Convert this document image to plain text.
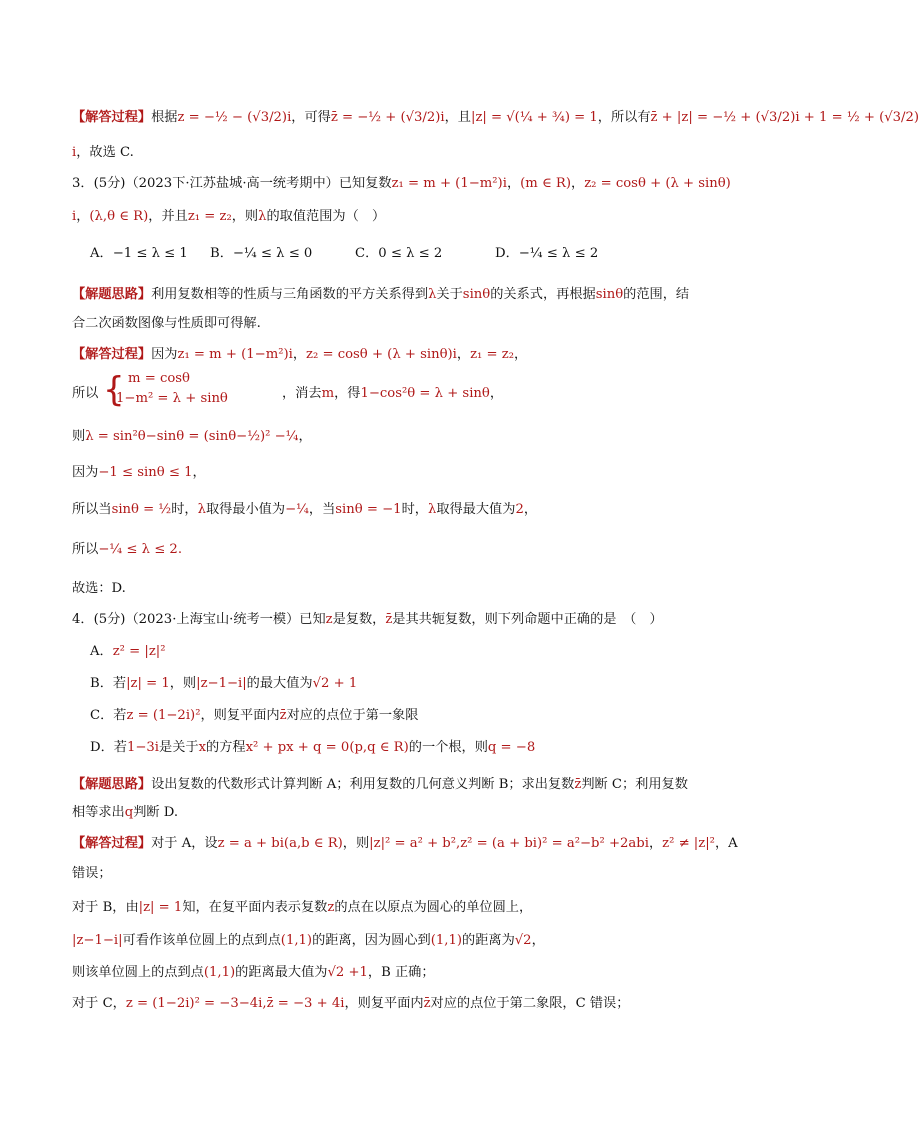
【解答过程】根据z = −½ − (√3/2)i，可得z̄ = −½ + (√3/2)i，且|z| = √(¼ + ¾) = 1，所以有z̄ + |z| = −½ + (√3/2)i + 1 = ½ + (√3/2)
i，故选 C.
3．(5分)（2023下·江苏盐城·高一统考期中）已知复数z₁ = m + (1−m²)i，(m ∈ R)，z₂ = cosθ + (λ + sinθ)
i，(λ,θ ∈ R)，并且z₁ = z₂，则λ的取值范围为（　）
A．−1 ≤ λ ≤ 1 B．−¼ ≤ λ ≤ 0	C．0 ≤ λ ≤ 2	D．−¼ ≤ λ ≤ 2
【解题思路】利用复数相等的性质与三角函数的平方关系得到λ关于sinθ的关系式，再根据sinθ的范围，结
合二次函数图像与性质即可得解.
【解答过程】因为z₁ = m + (1−m²)i，z₂ = cosθ + (λ + sinθ)i，z₁ = z₂，
所以 { m = cosθ
1−m² = λ + sinθ	，消去m，得1−cos²θ = λ + sinθ，
则λ = sin²θ−sinθ = (sinθ−½)² −¼，
因为−1 ≤ sinθ ≤ 1，
所以当sinθ = ½时，λ取得最小值为−¼，当sinθ = −1时，λ取得最大值为2，
所以−¼ ≤ λ ≤ 2.
故选：D.
4．(5分)（2023·上海宝山·统考一模）已知z是复数，z̄是其共轭复数，则下列命题中正确的是　（　）
A．z² = |z|²
B．若|z| = 1，则|z−1−i|的最大值为√2 + 1
C．若z = (1−2i)²，则复平面内z̄对应的点位于第一象限
D．若1−3i是关于x的方程x² + px + q = 0(p,q ∈ R)的一个根，则q = −8
【解题思路】设出复数的代数形式计算判断 A；利用复数的几何意义判断 B；求出复数z̄判断 C；利用复数
相等求出q判断 D.
【解答过程】对于 A，设z = a + bi(a,b ∈ R)，则|z|² = a² + b²,z² = (a + bi)² = a²−b² +2abi，z² ≠ |z|²，A
错误；
对于 B，由|z| = 1知，在复平面内表示复数z的点在以原点为圆心的单位圆上，
|z−1−i|可看作该单位圆上的点到点(1,1)的距离，因为圆心到(1,1)的距离为√2，
则该单位圆上的点到点(1,1)的距离最大值为√2 +1，B 正确；
对于 C，z = (1−2i)² = −3−4i,z̄ = −3 + 4i，则复平面内z̄对应的点位于第二象限，C 错误；
